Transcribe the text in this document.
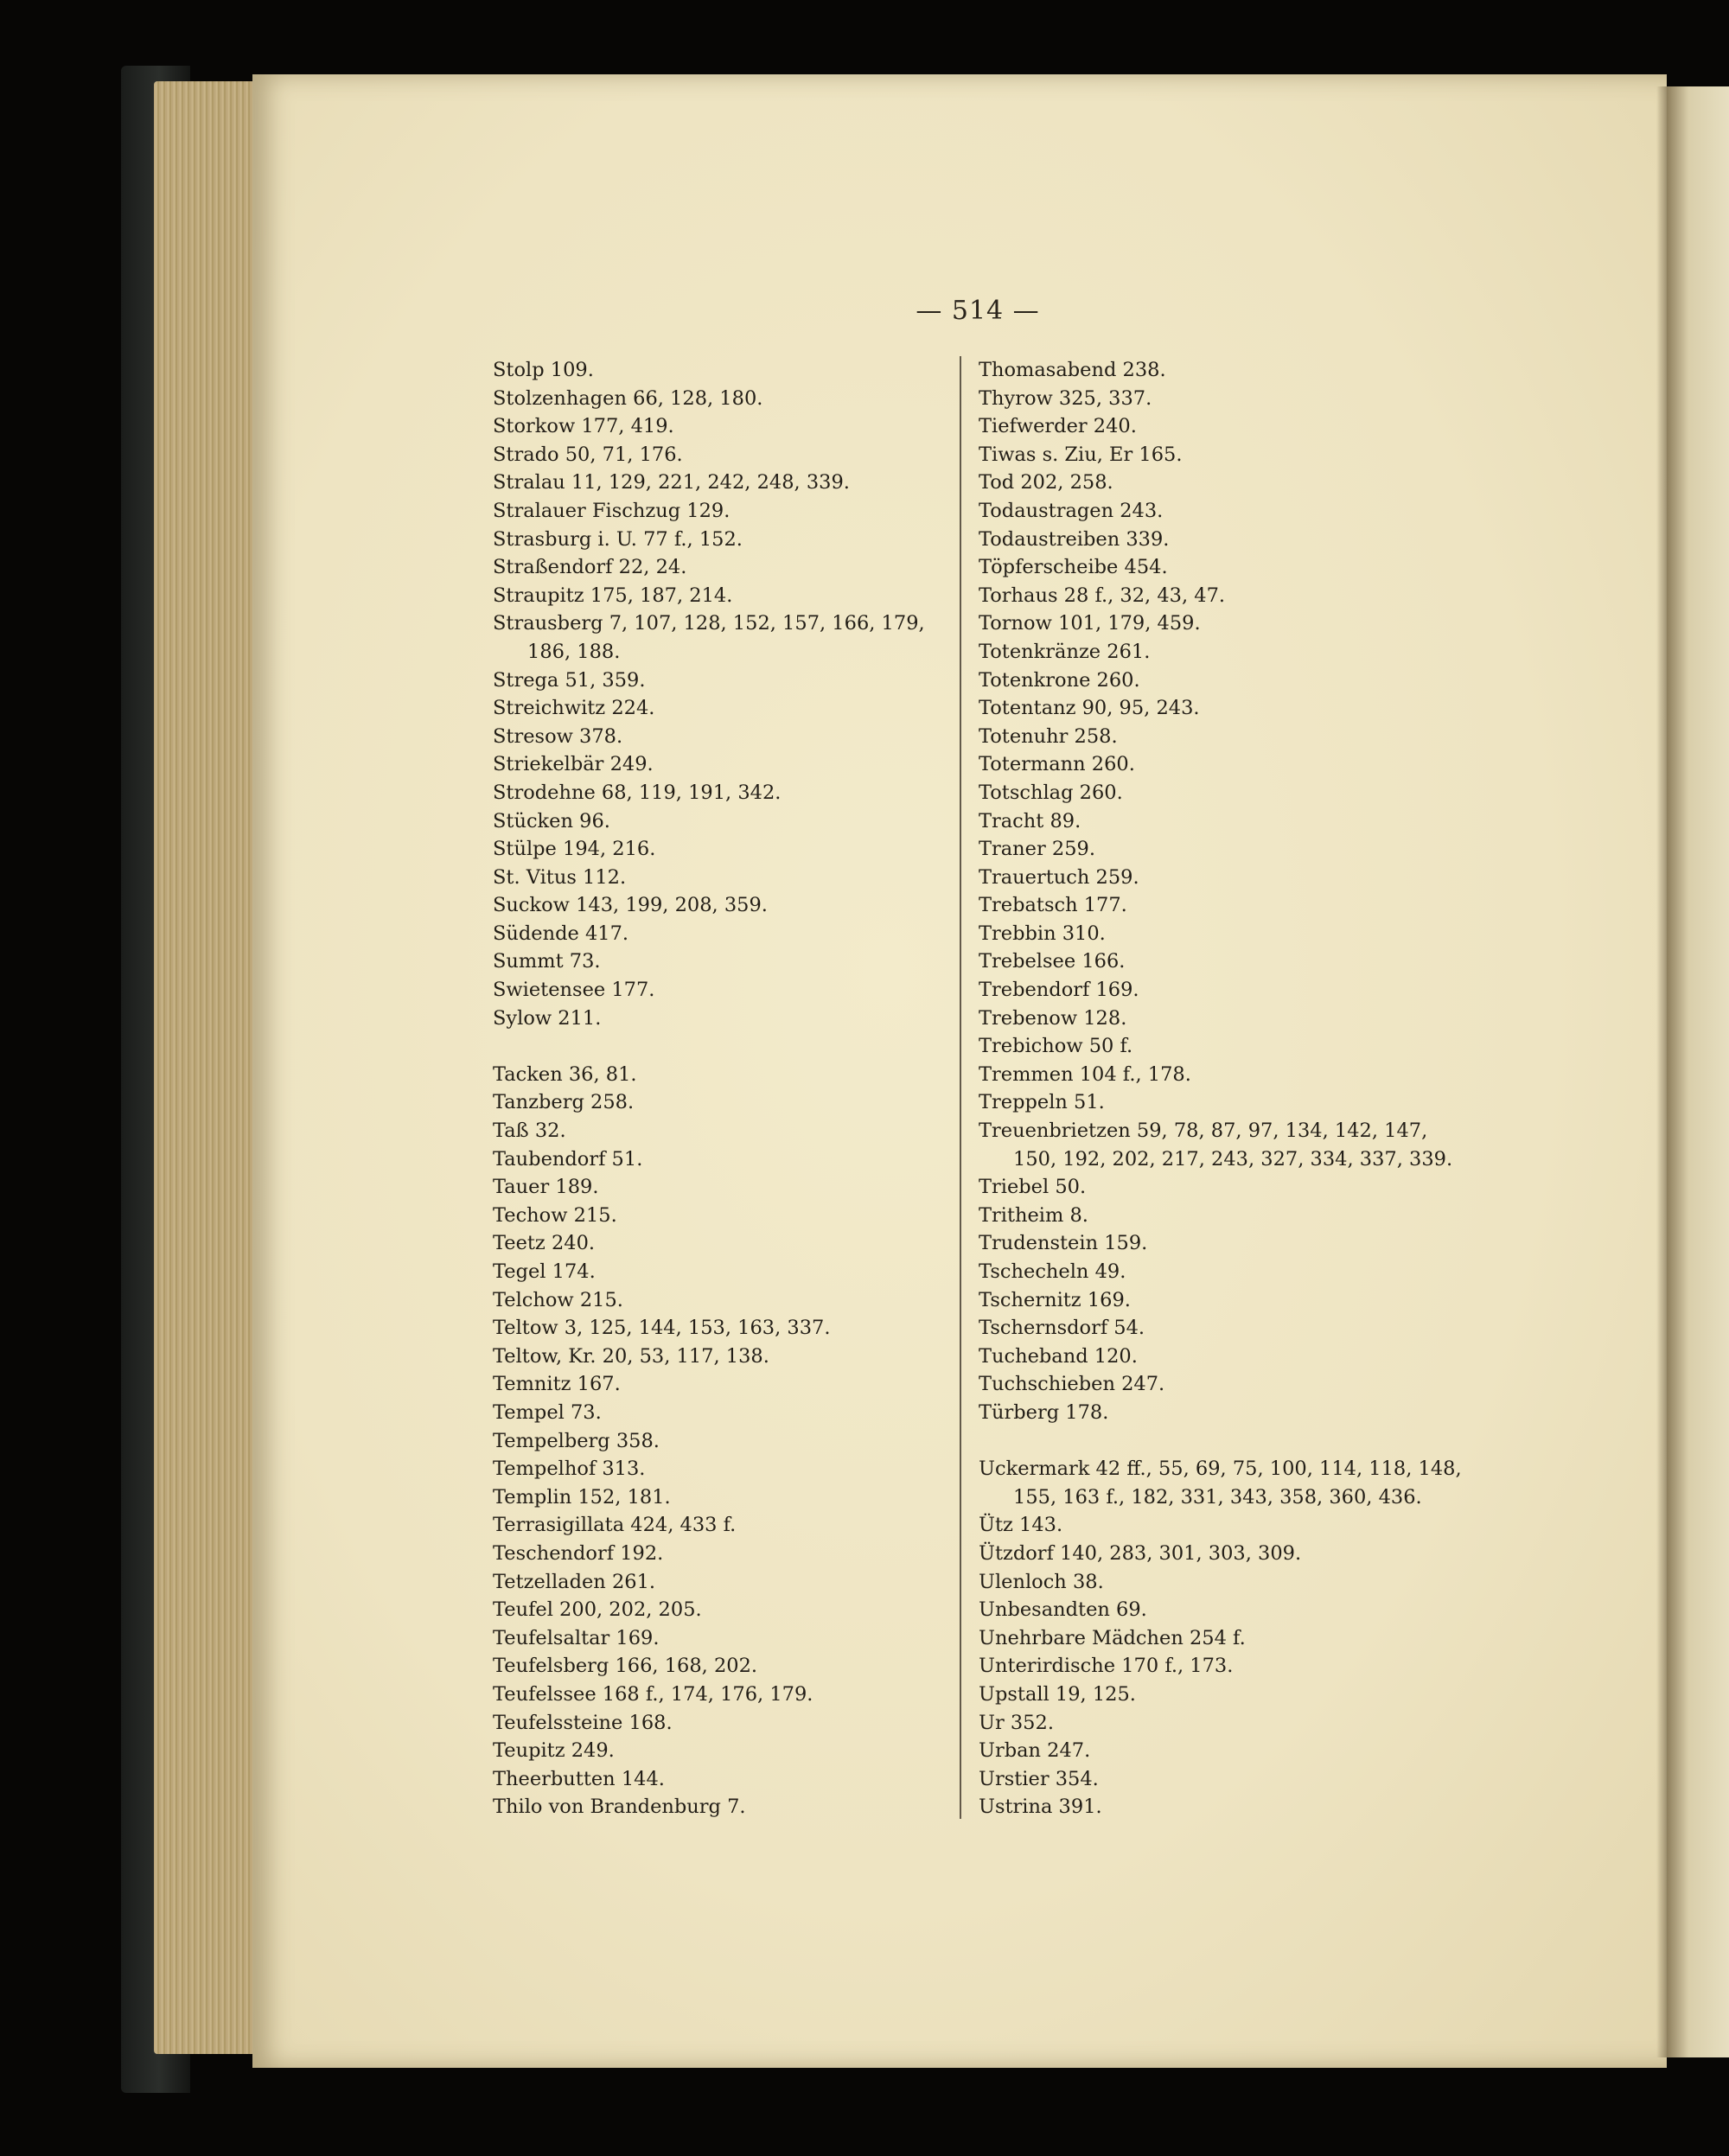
— 514 —
Stolp 109.
Stolzenhagen 66, 128, 180.
Storkow 177, 419.
Strado 50, 71, 176.
Stralau 11, 129, 221, 242, 248, 339.
Stralauer Fischzug 129.
Strasburg i. U. 77 f., 152.
Straßendorf 22, 24.
Straupitz 175, 187, 214.
Strausberg 7, 107, 128, 152, 157, 166, 179,
186, 188.
Strega 51, 359.
Streichwitz 224.
Stresow 378.
Striekelbär 249.
Strodehne 68, 119, 191, 342.
Stücken 96.
Stülpe 194, 216.
St. Vitus 112.
Suckow 143, 199, 208, 359.
Südende 417.
Summt 73.
Swietensee 177.
Sylow 211.
Tacken 36, 81.
Tanzberg 258.
Taß 32.
Taubendorf 51.
Tauer 189.
Techow 215.
Teetz 240.
Tegel 174.
Telchow 215.
Teltow 3, 125, 144, 153, 163, 337.
Teltow, Kr. 20, 53, 117, 138.
Temnitz 167.
Tempel 73.
Tempelberg 358.
Tempelhof 313.
Templin 152, 181.
Terrasigillata 424, 433 f.
Teschendorf 192.
Tetzelladen 261.
Teufel 200, 202, 205.
Teufelsaltar 169.
Teufelsberg 166, 168, 202.
Teufelssee 168 f., 174, 176, 179.
Teufelssteine 168.
Teupitz 249.
Theerbutten 144.
Thilo von Brandenburg 7.
Thomasabend 238.
Thyrow 325, 337.
Tiefwerder 240.
Tiwas s. Ziu, Er 165.
Tod 202, 258.
Todaustragen 243.
Todaustreiben 339.
Töpferscheibe 454.
Torhaus 28 f., 32, 43, 47.
Tornow 101, 179, 459.
Totenkränze 261.
Totenkrone 260.
Totentanz 90, 95, 243.
Totenuhr 258.
Totermann 260.
Totschlag 260.
Tracht 89.
Traner 259.
Trauertuch 259.
Trebatsch 177.
Trebbin 310.
Trebelsee 166.
Trebendorf 169.
Trebenow 128.
Trebichow 50 f.
Tremmen 104 f., 178.
Treppeln 51.
Treuenbrietzen 59, 78, 87, 97, 134, 142, 147,
150, 192, 202, 217, 243, 327, 334, 337, 339.
Triebel 50.
Tritheim 8.
Trudenstein 159.
Tschecheln 49.
Tschernitz 169.
Tschernsdorf 54.
Tucheband 120.
Tuchschieben 247.
Türberg 178.
Uckermark 42 ff., 55, 69, 75, 100, 114, 118, 148,
155, 163 f., 182, 331, 343, 358, 360, 436.
Ütz 143.
Ützdorf 140, 283, 301, 303, 309.
Ulenloch 38.
Unbesandten 69.
Unehrbare Mädchen 254 f.
Unterirdische 170 f., 173.
Upstall 19, 125.
Ur 352.
Urban 247.
Urstier 354.
Ustrina 391.
